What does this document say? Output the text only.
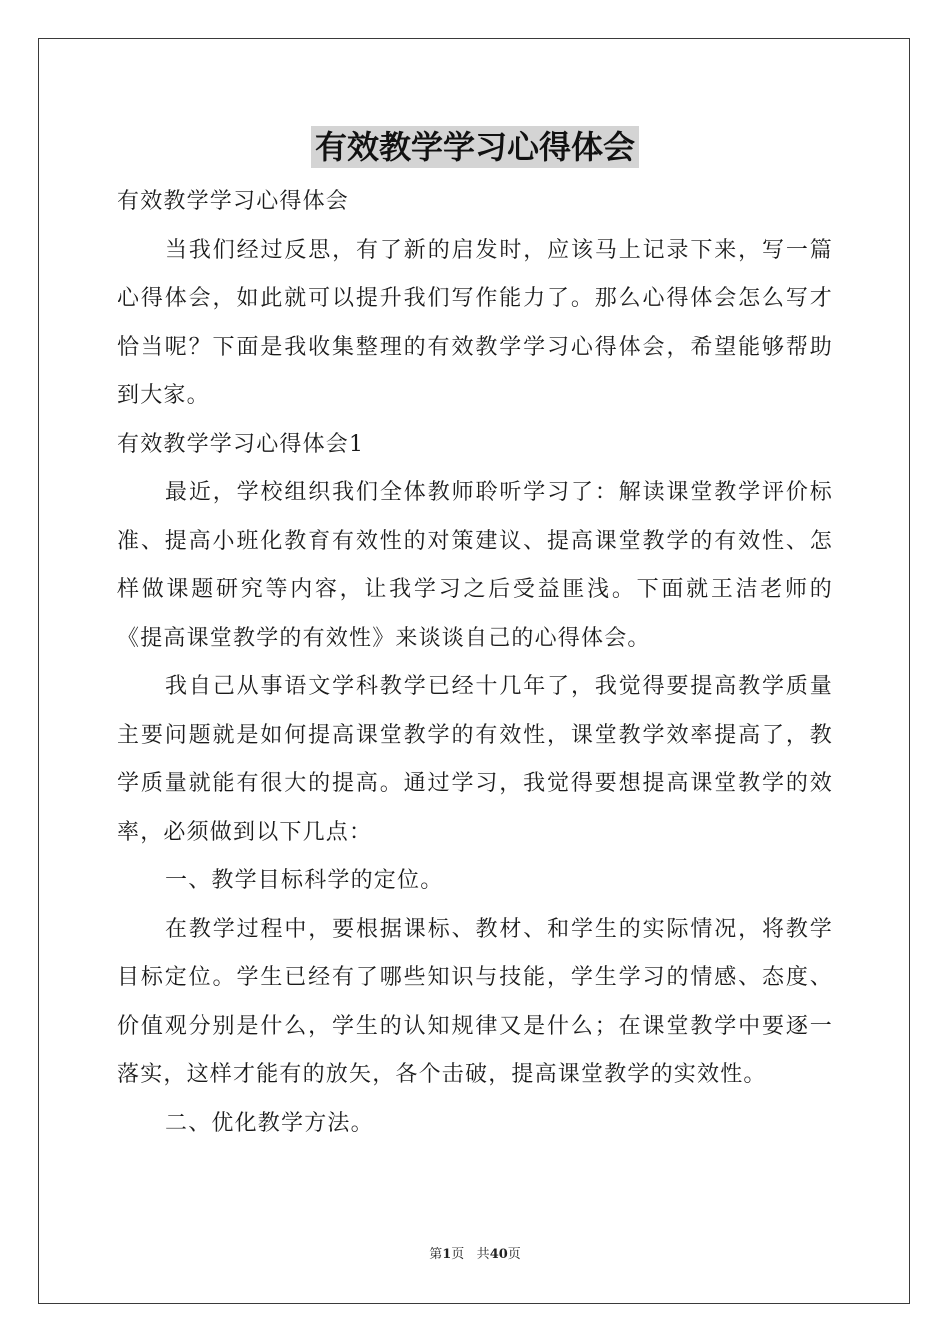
有效教学学习心得体会

有效教学学习心得体会

当我们经过反思，有了新的启发时，应该马上记录下来，写一篇心得体会，如此就可以提升我们写作能力了。那么心得体会怎么写才恰当呢？下面是我收集整理的有效教学学习心得体会，希望能够帮助到大家。

有效教学学习心得体会1

最近，学校组织我们全体教师聆听学习了：解读课堂教学评价标准、提高小班化教育有效性的对策建议、提高课堂教学的有效性、怎样做课题研究等内容，让我学习之后受益匪浅。下面就王洁老师的《提高课堂教学的有效性》来谈谈自己的心得体会。

我自己从事语文学科教学已经十几年了，我觉得要提高教学质量主要问题就是如何提高课堂教学的有效性，课堂教学效率提高了，教学质量就能有很大的提高。通过学习，我觉得要想提高课堂教学的效率，必须做到以下几点：

一、教学目标科学的定位。

在教学过程中，要根据课标、教材、和学生的实际情况，将教学目标定位。学生已经有了哪些知识与技能，学生学习的情感、态度、价值观分别是什么，学生的认知规律又是什么；在课堂教学中要逐一落实，这样才能有的放矢，各个击破，提高课堂教学的实效性。

二、优化教学方法。

第1页 共40页
